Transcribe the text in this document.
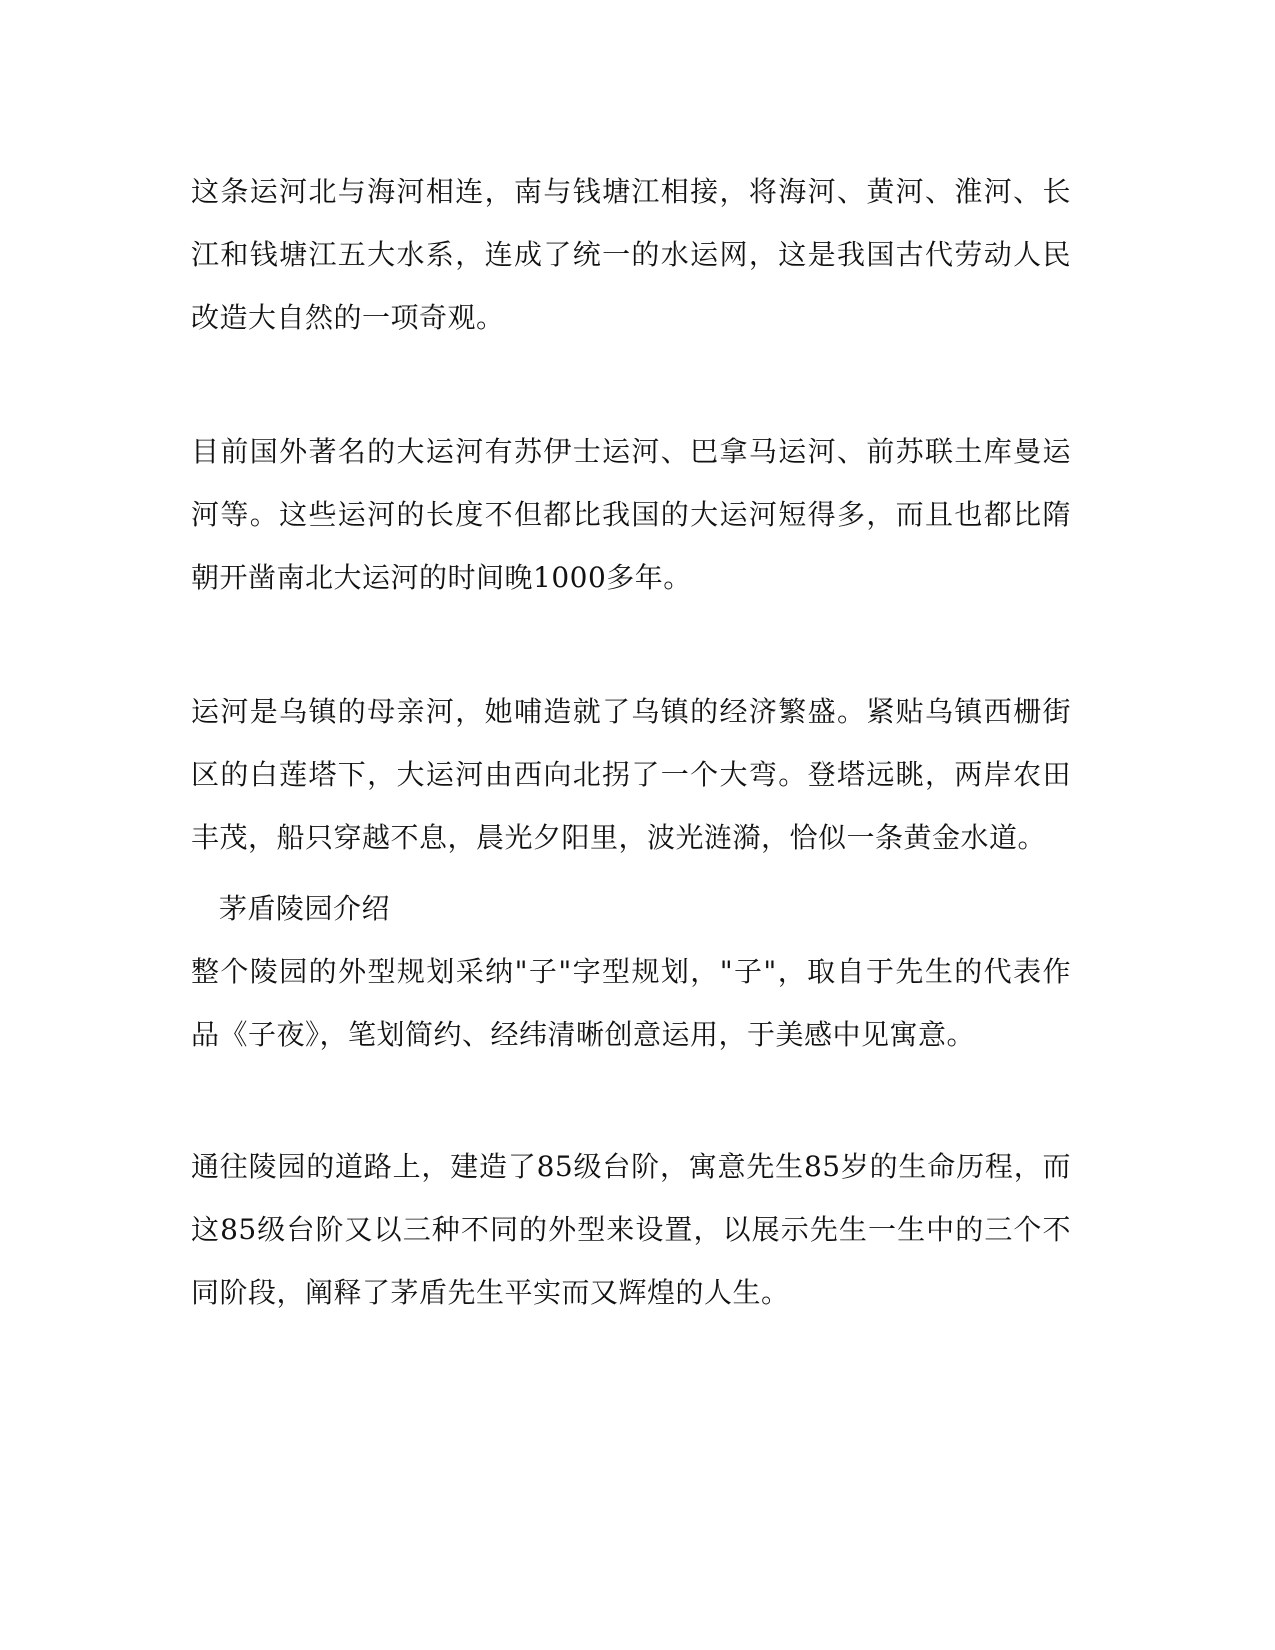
这条运河北与海河相连，南与钱塘江相接，将海河、黄河、淮河、长江和钱塘江五大水系，连成了统一的水运网，这是我国古代劳动人民改造大自然的一项奇观。

目前国外著名的大运河有苏伊士运河、巴拿马运河、前苏联土库曼运河等。这些运河的长度不但都比我国的大运河短得多，而且也都比隋朝开凿南北大运河的时间晚1000多年。

运河是乌镇的母亲河，她哺造就了乌镇的经济繁盛。紧贴乌镇西栅街区的白莲塔下，大运河由西向北拐了一个大弯。登塔远眺，两岸农田丰茂，船只穿越不息，晨光夕阳里，波光涟漪，恰似一条黄金水道。

茅盾陵园介绍

整个陵园的外型规划采纳"子"字型规划，"子"，取自于先生的代表作品《子夜》，笔划简约、经纬清晰创意运用，于美感中见寓意。

通往陵园的道路上，建造了85级台阶，寓意先生85岁的生命历程，而这85级台阶又以三种不同的外型来设置，以展示先生一生中的三个不同阶段，阐释了茅盾先生平实而又辉煌的人生。
